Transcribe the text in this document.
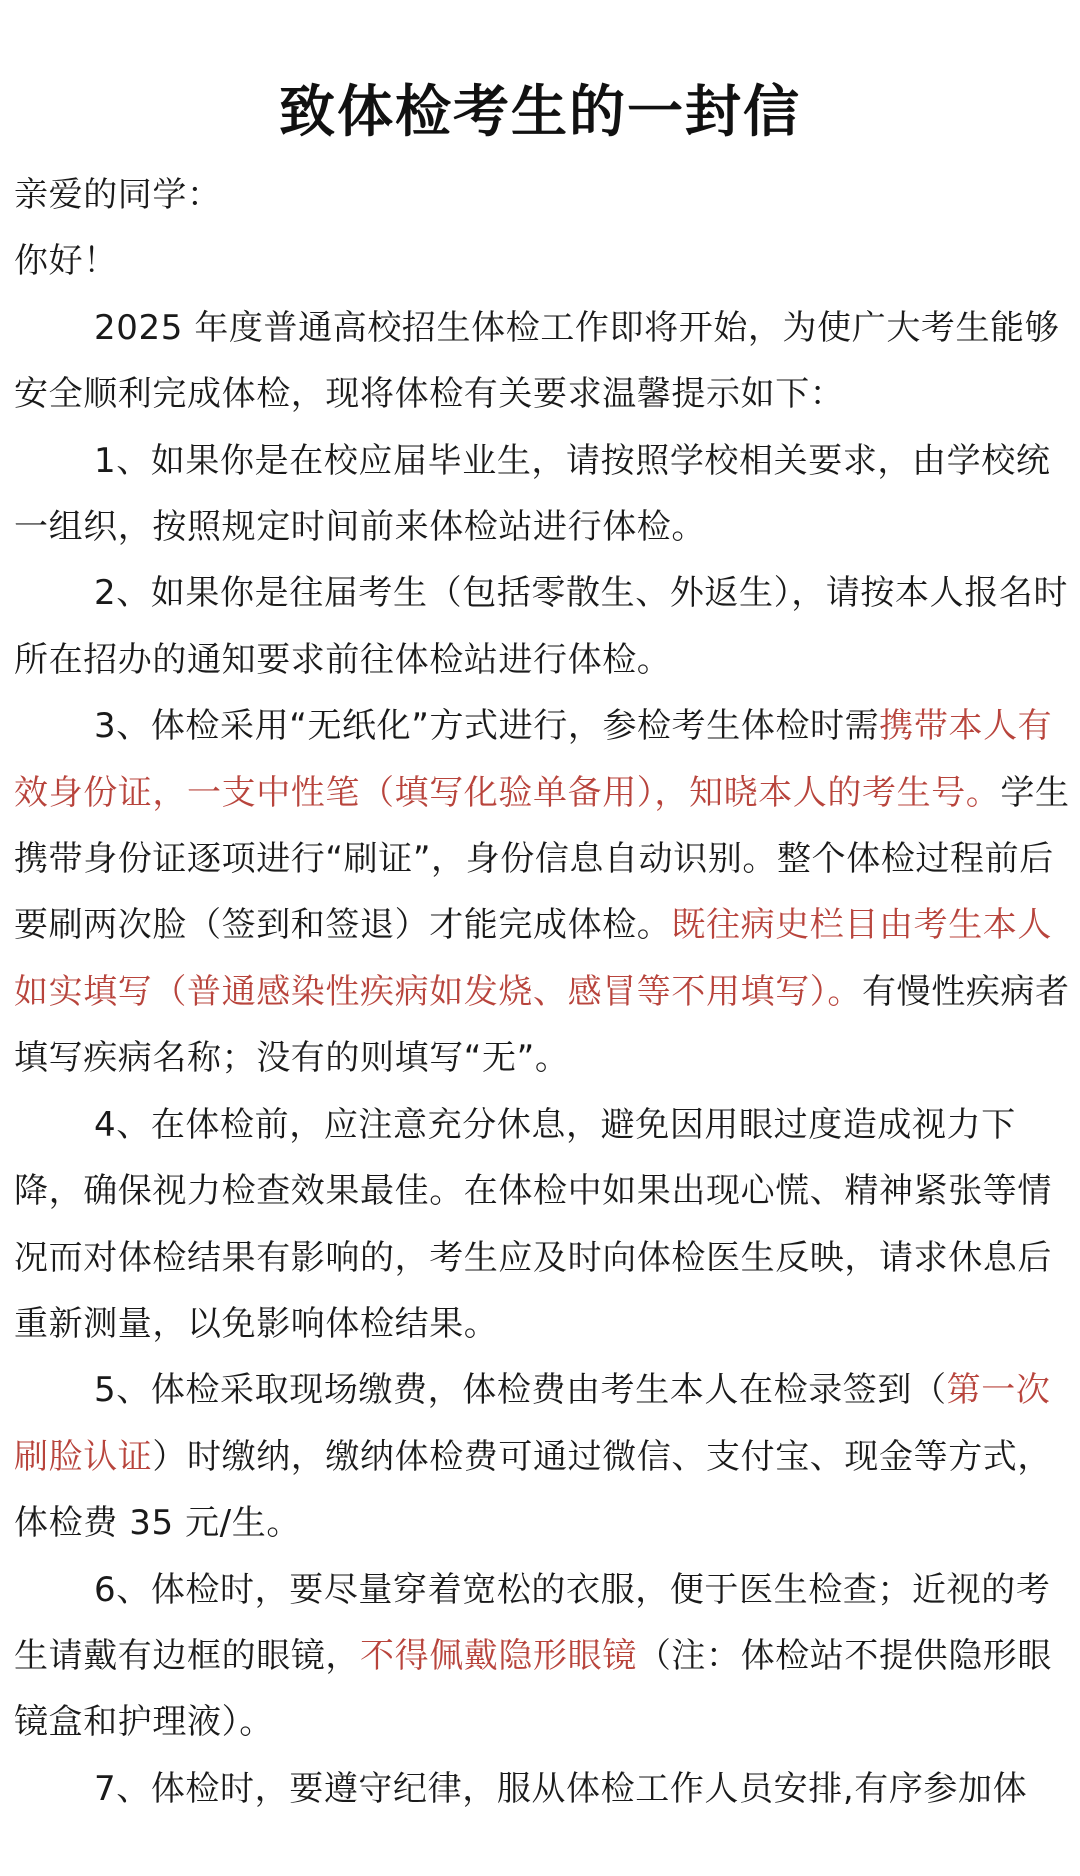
致体检考生的一封信

亲爱的同学：

你好！

2025 年度普通高校招生体检工作即将开始，为使广大考生能够安全顺利完成体检，现将体检有关要求温馨提示如下：

1、如果你是在校应届毕业生，请按照学校相关要求，由学校统一组织，按照规定时间前来体检站进行体检。

2、如果你是往届考生（包括零散生、外返生），请按本人报名时所在招办的通知要求前往体检站进行体检。

3、体检采用“无纸化”方式进行，参检考生体检时需携带本人有效身份证，一支中性笔（填写化验单备用），知晓本人的考生号。学生携带身份证逐项进行“刷证”，身份信息自动识别。整个体检过程前后要刷两次脸（签到和签退）才能完成体检。既往病史栏目由考生本人如实填写（普通感染性疾病如发烧、感冒等不用填写）。有慢性疾病者填写疾病名称；没有的则填写“无”。

4、在体检前，应注意充分休息，避免因用眼过度造成视力下降，确保视力检查效果最佳。在体检中如果出现心慌、精神紧张等情况而对体检结果有影响的，考生应及时向体检医生反映，请求休息后重新测量，以免影响体检结果。

5、体检采取现场缴费，体检费由考生本人在检录签到（第一次刷脸认证）时缴纳，缴纳体检费可通过微信、支付宝、现金等方式，体检费 35 元/生。

6、体检时，要尽量穿着宽松的衣服，便于医生检查；近视的考生请戴有边框的眼镜，不得佩戴隐形眼镜（注：体检站不提供隐形眼镜盒和护理液）。

7、体检时，要遵守纪律，服从体检工作人员安排,有序参加体
